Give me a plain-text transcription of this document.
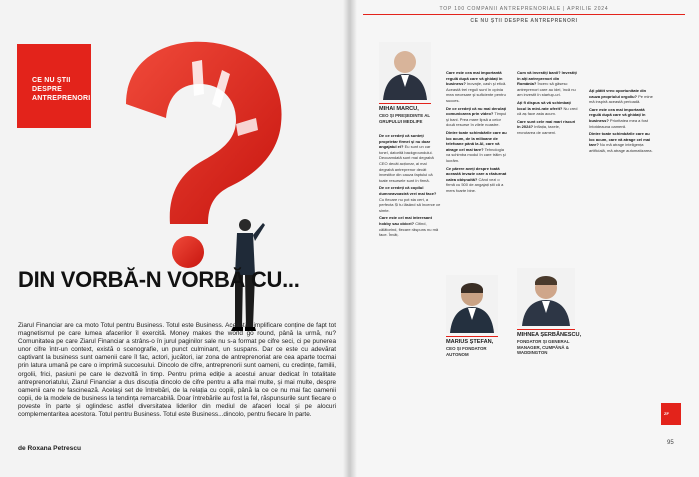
CE NU ȘTII DESPRE ANTREPRENORI
DIN VORBĂ-N VORBĂ CU...
Ziarul Financiar are ca moto Totul pentru Business. Totul este Business. Această simplificare conține de fapt tot magnetismul pe care lumea afacerilor îl exercită. Money makes the world go round, până la urmă, nu? Comunitatea pe care Ziarul Financiar a strâns-o în jurul paginilor sale nu s-a format pe cifre seci, ci pe punerea unor cifre într-un context, există o scenografie, un punct culminant, un suspans. Dar ce este cu adevărat captivant la business sunt oamenii care îl fac, actori, jucători, iar zona de antreprenoriat are cea aparte tocmai prin latura umană pe care o imprimă succesului. Dincolo de cifre, antreprenorii sunt oameni, cu credințe, familii, orgolii, frici, pasiuni pe care le dezvoltă în timp. Pentru prima ediție a acestui anuar dedicat în totalitate antreprenoriatului, Ziarul Financiar a dus discuția dincolo de cifre pentru a afla mai multe, și mai multe, despre oamenii care ne fascinează. Acelaşi set de întrebări, de la relația cu copiii, până la ce ce nu mai fac oamenii copii, de la modele de business la tendința remarcabilă. Doar întrebările au fost la fel, răspunsurile sunt fiecare o poveste în parte și oglindesc astfel diversitatea liderilor din mediul de afaceri local și pe alocuri complementaritea acestora. Totul pentru Business. Totul este Business...dincolo, pentru fiecare în parte.
de Roxana Petrescu
TOP 100 COMPANII ANTREPRENORIALE | APRILIE 2024
CE NU ȘTII DESPRE ANTREPRENORI
MIHAI MARCU,
CEO ȘI PREȘEDINTE AL GRUPULUI MEDLIFE
MARIUS ȘTEFAN,
CEO ȘI FONDATOR AUTONOM
MIHNEA ȘERBĂNESCU,
FONDATOR ȘI GENERAL MANAGER, CUMPĂNĂ & WADDINGTON

De ce credeți că sunteți proprietar firmei și nu doar angajatul ei? Eu sunt un car tonel, datorită backgroundului. Deocamdată sunt mai degrabă CEO decât acționar, ai mai degrabă antreprenor decât investitor din cauza faptului că toate resursele sunt în firmă.

De ce credeți că copilul dumneavoastră vrei mai face? Cu fiecare nu pot sta cert, a perfecta Și tu lăsând să încerce ce simte.

Care este cel mai interesant hobby sau obicei? Citind, călătorind, fiecare răspuns nu mă face. Învăț.

Care este cea mai importantă regulă după care vă ghidați în business? Inovaţie, cash şi etică. Această trei reguli sunt în opinia mea necesare şi suficiente pentru succes.

De ce credeți că nu mai derulați comunicarea prin video? Timpul şi bani. Prea mare lipsă a celor două resurse în zilele noastre.

Dintre toate schimbările care au loc acum, de la milioane de telefoane până la AI, care vă atrage cel mai tare? Tehnologia va schimba modul în care trăim şi lucrăm.

Ce părere aveți despre toată această invazie care a răsturnat calea obișnuită? Când vezi o firmă cu 500 de angajați știi că a mers foarte bine.

Cum vă investiți banii? Investiți în alți antreprenori din România? Încerc să găsesc antreprenori care au idei, încă nu am investit în startup-uri.

Ați fi dispus să vă schimbați locul la mini-rate oferit? Nu cred că aș face asta acum.

Care sunt cele mai mari riscuri în 2024? Inflația, taxele, recrutarea de oameni.

Ați plătit vreo oportunitate din cauza propriului orgoliu? Pe mine mă inspiră această perioadă.

Care este cea mai importantă regulă după care vă ghidați în business? Prioritatea mea a fost întotdeauna oamenii.

Dintre toate schimbările care au loc acum, care vă atrage cel mai tare? Nu mă atrage inteligența artificială, mă atrage automatizarea.

ZF
95
